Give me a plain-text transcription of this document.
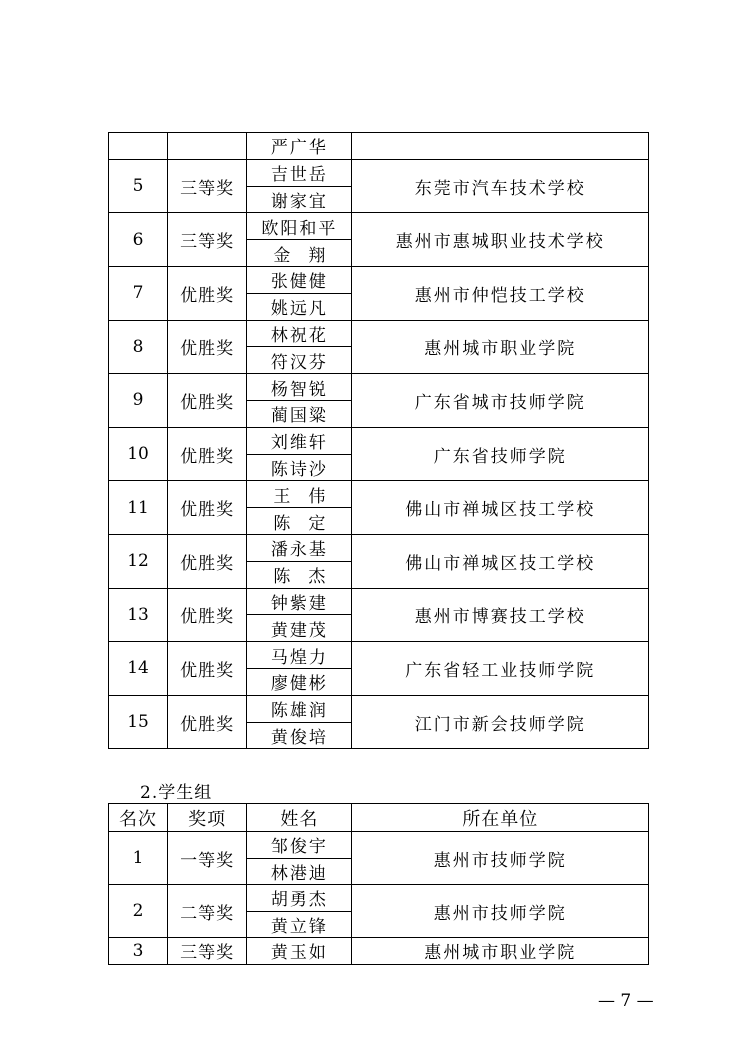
		严广华	
5	三等奖	吉世岳	东莞市汽车技术学校
		谢家宜	
6	三等奖	欧阳和平	惠州市惠城职业技术学校
		金翔	
7	优胜奖	张健健	惠州市仲恺技工学校
		姚远凡	
8	优胜奖	林祝花	惠州城市职业学院
		符汉芬	
9	优胜奖	杨智锐	广东省城市技师学院
		蔺国粱	
10	优胜奖	刘维轩	广东省技师学院
		陈诗沙	
11	优胜奖	王伟	佛山市禅城区技工学校
		陈定	
12	优胜奖	潘永基	佛山市禅城区技工学校
		陈杰	
13	优胜奖	钟紫建	惠州市博赛技工学校
		黄建茂	
14	优胜奖	马煌力	广东省轻工业技师学院
		廖健彬	
15	优胜奖	陈雄润	江门市新会技师学院
		黄俊培	
2.学生组
名次	奖项	姓名	所在单位
1	一等奖	邹俊宇	惠州市技师学院
		林港迪	
2	二等奖	胡勇杰	惠州市技师学院
		黄立锋	
3	三等奖	黄玉如	惠州城市职业学院
— 7 —
